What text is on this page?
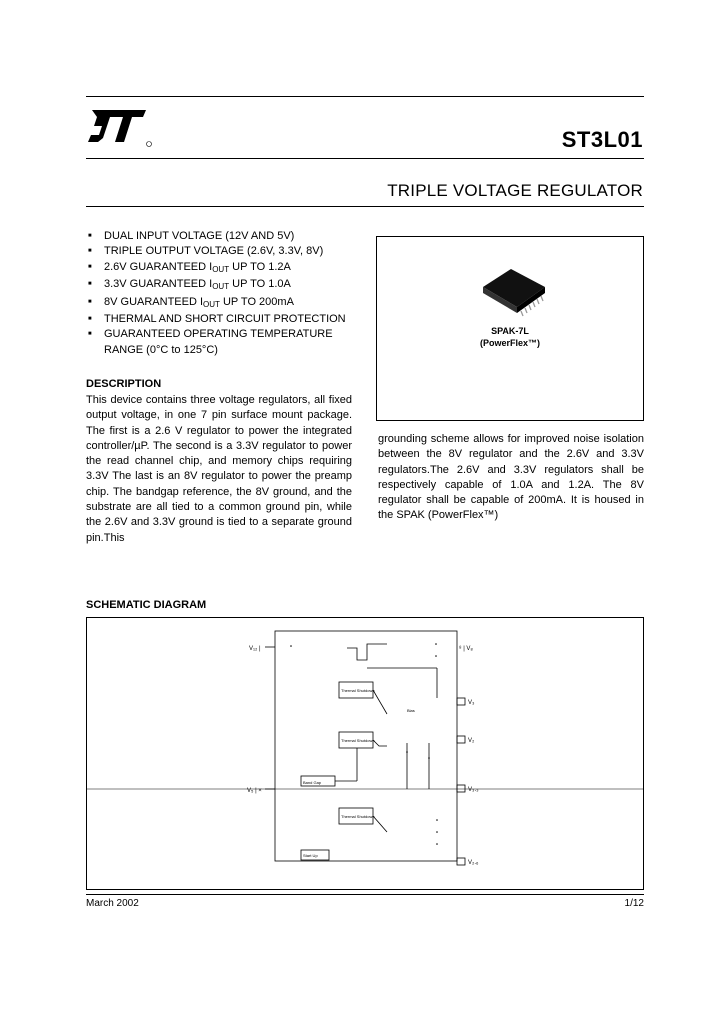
ST3L01
TRIPLE VOLTAGE REGULATOR
■ DUAL INPUT VOLTAGE (12V AND 5V)
■ TRIPLE OUTPUT VOLTAGE (2.6V, 3.3V, 8V)
■ 2.6V GUARANTEED $I_{OUT}$ UP TO 1.2A
■ 3.3V GUARANTEED $I_{OUT}$ UP TO 1.0A
■ 8V GUARANTEED $I_{OUT}$ UP TO 200mA
■ THERMAL AND SHORT CIRCUIT PROTECTION
■ GUARANTEED OPERATING TEMPERATURE RANGE (0°C to 125°C)
SPAK-7L
(PowerFlex™)
DESCRIPTION
This device contains three voltage regulators, all fixed output voltage, in one 7 pin surface mount package. The first is a 2.6 V regulator to power the integrated controller/µP. The second is a 3.3V regulator to power the read channel chip, and memory chips requiring 3.3V The last is an 8V regulator to power the preamp chip. The bandgap reference, the 8V ground, and the substrate are all tied to a common ground pin, while the 2.6V and 3.3V ground is tied to a separate ground pin.This
grounding scheme allows for improved noise isolation between the 8V regulator and the 2.6V and 3.3V regulators.The 2.6V and 3.3V regulators shall be respectively capable of 1.0A and 1.2A. The 8V regulator shall be capable of 200mA. It is housed in the SPAK (PowerFlex™)
SCHEMATIC DIAGRAM
V₁₂ |
V₅ | ×
⁸ | V₈
V₃
V₂
V₃.₃
V₂.₆
Thermal Shutdown
Thermal Shutdown
Thermal Shutdown
Band Gap
Bias
Start Up
March 2002	1/12
